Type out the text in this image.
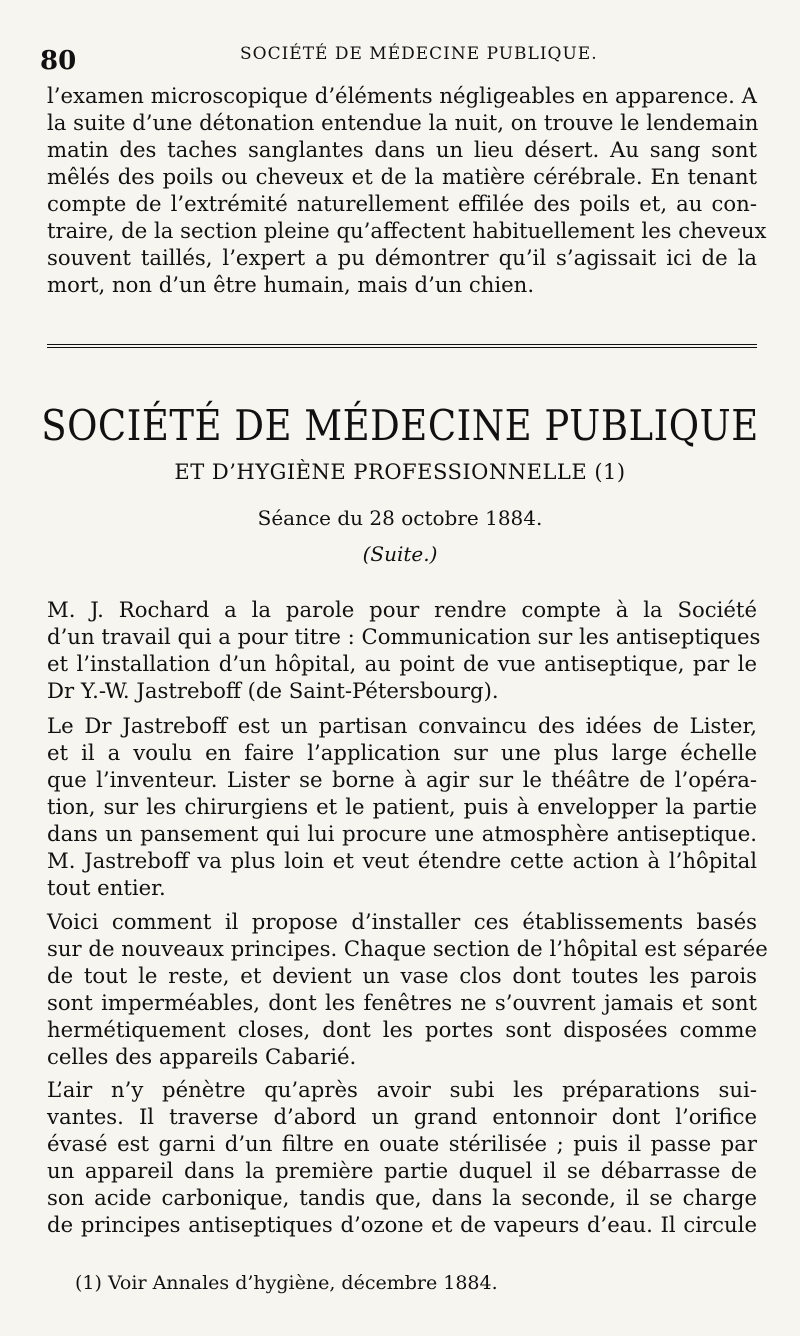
80	SOCIÉTÉ DE MÉDECINE PUBLIQUE.
l’examen microscopique d’éléments négligeables en apparence. A
la suite d’une détonation entendue la nuit, on trouve le lendemain
matin des taches sanglantes dans un lieu désert. Au sang sont
mêlés des poils ou cheveux et de la matière cérébrale. En tenant
compte de l’extrémité naturellement effilée des poils et, au con-
traire, de la section pleine qu’affectent habituellement les cheveux
souvent taillés, l’expert a pu démontrer qu’il s’agissait ici de la
mort, non d’un être humain, mais d’un chien.
SOCIÉTÉ DE MÉDECINE PUBLIQUE
ET D’HYGIÈNE PROFESSIONNELLE (1)
Séance du 28 octobre 1884.
(Suite.)
M. J. Rochard a la parole pour rendre compte à la Société
d’un travail qui a pour titre : Communication sur les antiseptiques
et l’installation d’un hôpital, au point de vue antiseptique, par le
Dr Y.-W. Jastreboff (de Saint-Pétersbourg).
Le Dr Jastreboff est un partisan convaincu des idées de Lister,
et il a voulu en faire l’application sur une plus large échelle
que l’inventeur. Lister se borne à agir sur le théâtre de l’opéra-
tion, sur les chirurgiens et le patient, puis à envelopper la partie
dans un pansement qui lui procure une atmosphère antiseptique.
M. Jastreboff va plus loin et veut étendre cette action à l’hôpital
tout entier.
Voici comment il propose d’installer ces établissements basés
sur de nouveaux principes. Chaque section de l’hôpital est séparée
de tout le reste, et devient un vase clos dont toutes les parois
sont imperméables, dont les fenêtres ne s’ouvrent jamais et sont
hermétiquement closes, dont les portes sont disposées comme
celles des appareils Cabarié.
L’air n’y pénètre qu’après avoir subi les préparations sui-
vantes. Il traverse d’abord un grand entonnoir dont l’orifice
évasé est garni d’un filtre en ouate stérilisée ; puis il passe par
un appareil dans la première partie duquel il se débarrasse de
son acide carbonique, tandis que, dans la seconde, il se charge
de principes antiseptiques d’ozone et de vapeurs d’eau. Il circule
(1) Voir Annales d’hygiène, décembre 1884.
